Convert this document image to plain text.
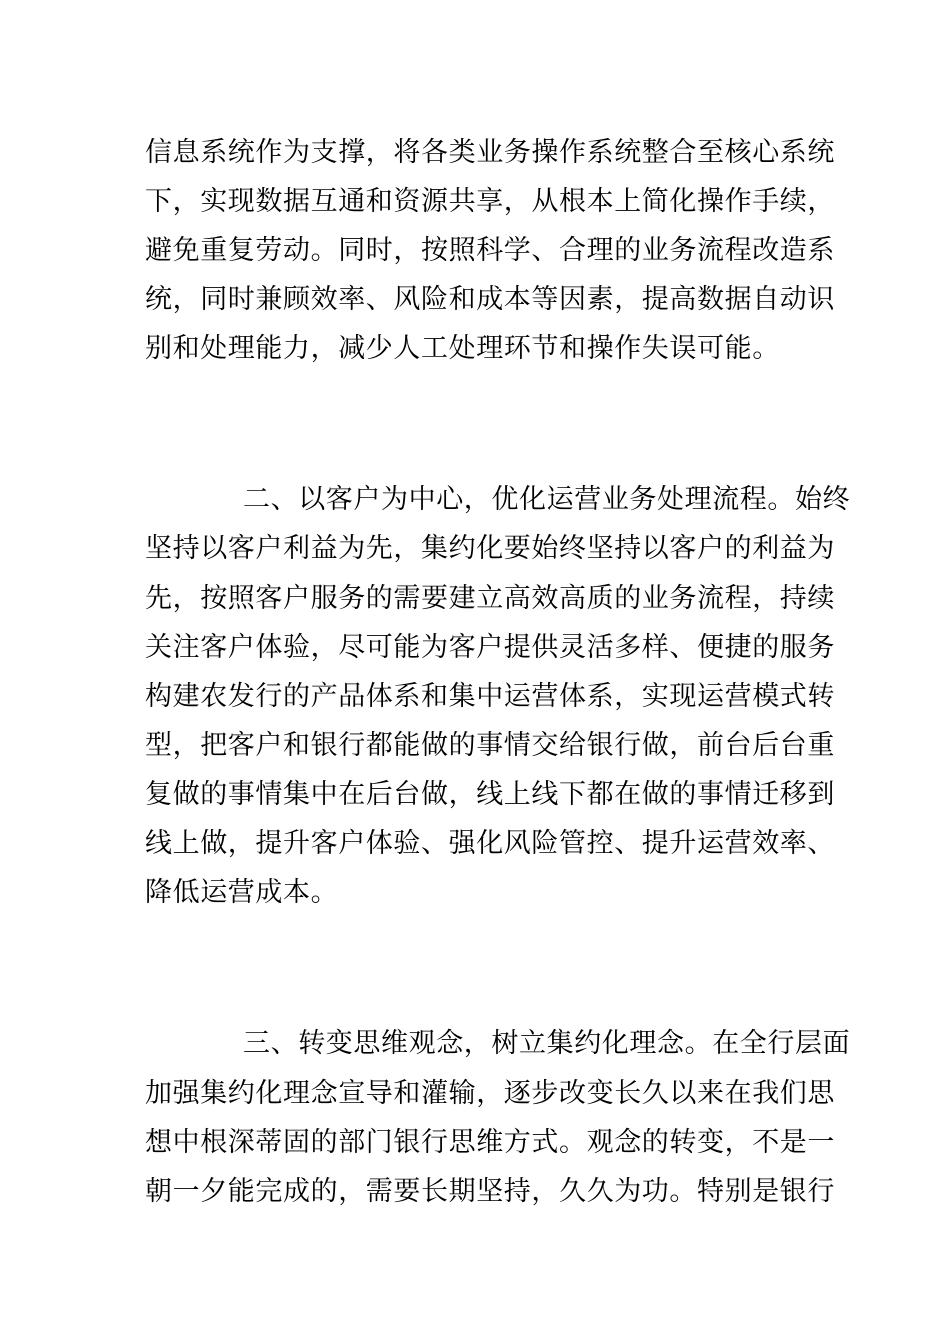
信息系统作为支撑，将各类业务操作系统整合至核心系统
下，实现数据互通和资源共享，从根本上简化操作手续，
避免重复劳动。同时，按照科学、合理的业务流程改造系
统，同时兼顾效率、风险和成本等因素，提高数据自动识
别和处理能力，减少人工处理环节和操作失误可能。
二、以客户为中心，优化运营业务处理流程。始终
坚持以客户利益为先，集约化要始终坚持以客户的利益为
先，按照客户服务的需要建立高效高质的业务流程，持续
关注客户体验，尽可能为客户提供灵活多样、便捷的服务
构建农发行的产品体系和集中运营体系，实现运营模式转
型，把客户和银行都能做的事情交给银行做，前台后台重
复做的事情集中在后台做，线上线下都在做的事情迁移到
线上做，提升客户体验、强化风险管控、提升运营效率、
降低运营成本。
三、转变思维观念，树立集约化理念。在全行层面
加强集约化理念宣导和灌输，逐步改变长久以来在我们思
想中根深蒂固的部门银行思维方式。观念的转变，不是一
朝一夕能完成的，需要长期坚持，久久为功。特别是银行
